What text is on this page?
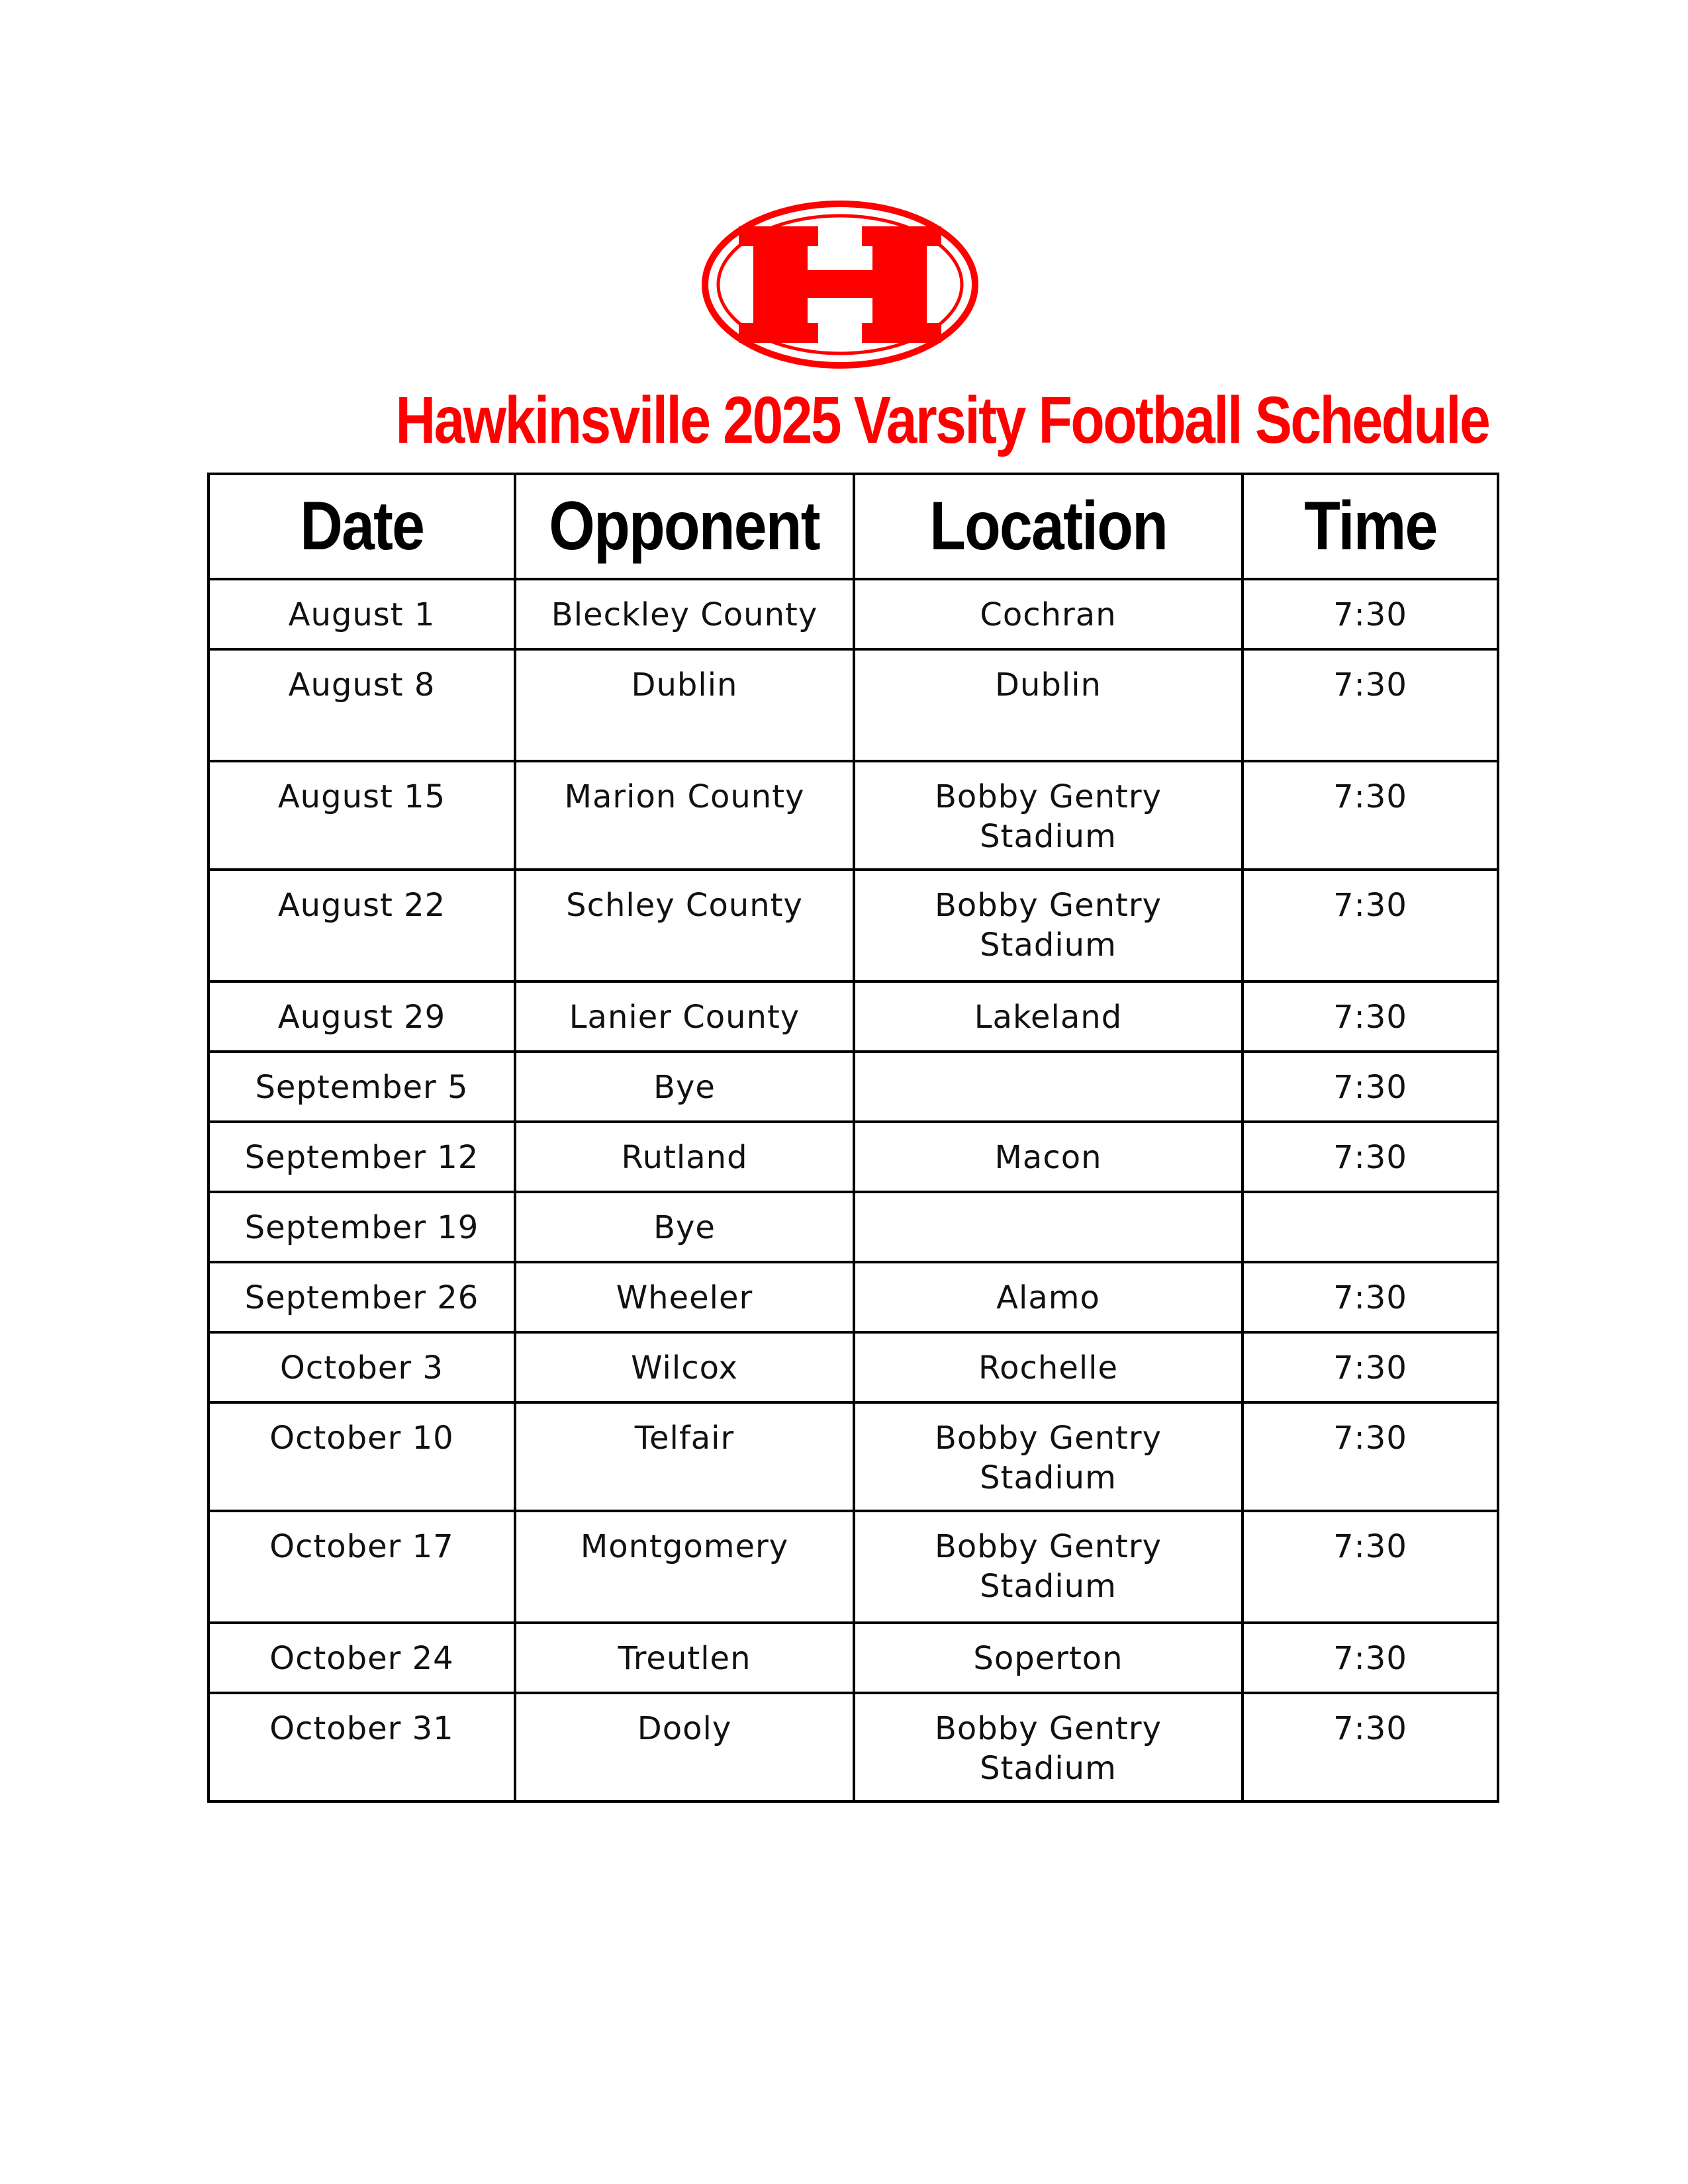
Hawkinsville 2025 Varsity Football Schedule
Date	Opponent	Location	Time

August 1	Bleckley County	Cochran	7:30

August 8	Dublin	Dublin	7:30

August 15	Marion County	Bobby Gentry
Stadium	7:30

August 22	Schley County	Bobby Gentry
Stadium	7:30

August 29	Lanier County	Lakeland	7:30

September 5	Bye		7:30

September 12	Rutland	Macon	7:30

September 19	Bye		

September 26	Wheeler	Alamo	7:30

October 3	Wilcox	Rochelle	7:30

October 10	Telfair	Bobby Gentry
Stadium	7:30

October 17	Montgomery	Bobby Gentry
Stadium	7:30

October 24	Treutlen	Soperton	7:30

October 31	Dooly	Bobby Gentry
Stadium	7:30
